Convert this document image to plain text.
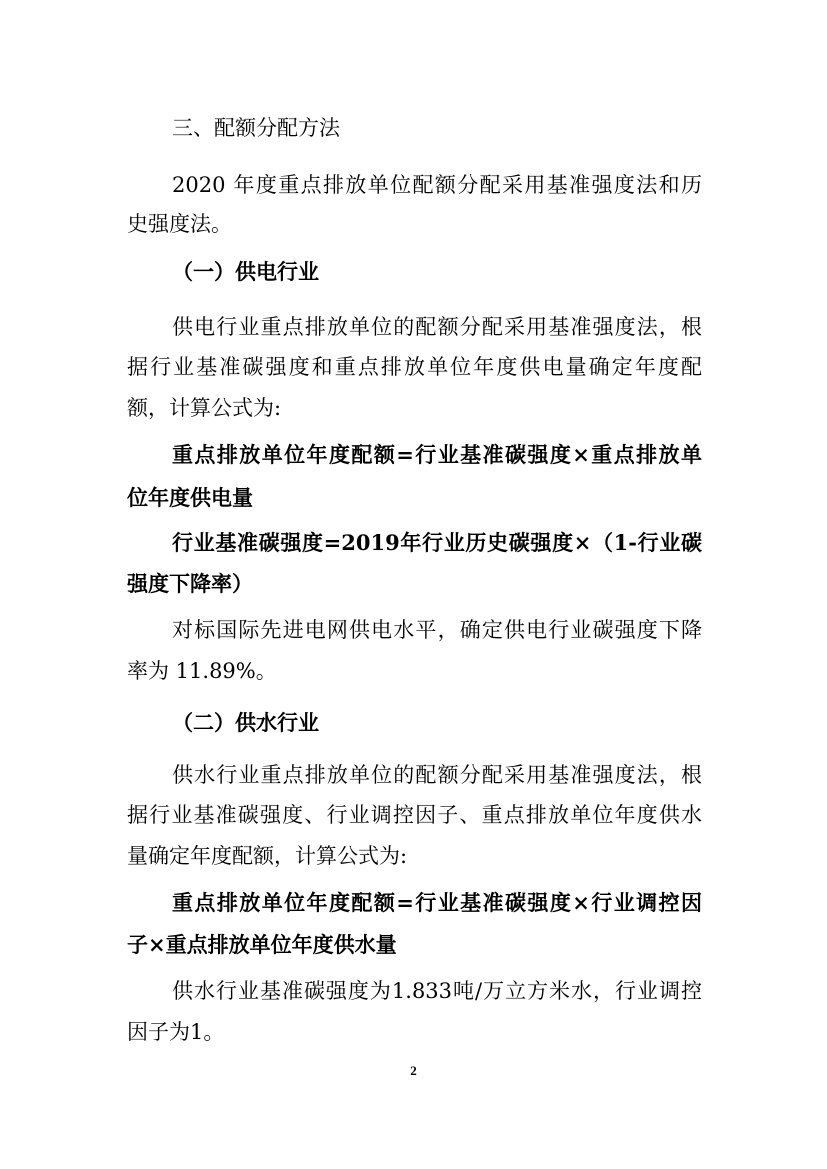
三、配额分配方法
2020 年度重点排放单位配额分配采用基准强度法和历
史强度法。
（一）供电行业
供电行业重点排放单位的配额分配采用基准强度法，根
据行业基准碳强度和重点排放单位年度供电量确定年度配
额，计算公式为:
重点排放单位年度配额=行业基准碳强度×重点排放单
位年度供电量
行业基准碳强度=2019年行业历史碳强度×（1-行业碳
强度下降率）
对标国际先进电网供电水平，确定供电行业碳强度下降
率为 11.89%。
（二）供水行业
供水行业重点排放单位的配额分配采用基准强度法，根
据行业基准碳强度、行业调控因子、重点排放单位年度供水
量确定年度配额，计算公式为:
重点排放单位年度配额=行业基准碳强度×行业调控因
子×重点排放单位年度供水量
供水行业基准碳强度为1.833吨/万立方米水，行业调控
因子为1。
2
